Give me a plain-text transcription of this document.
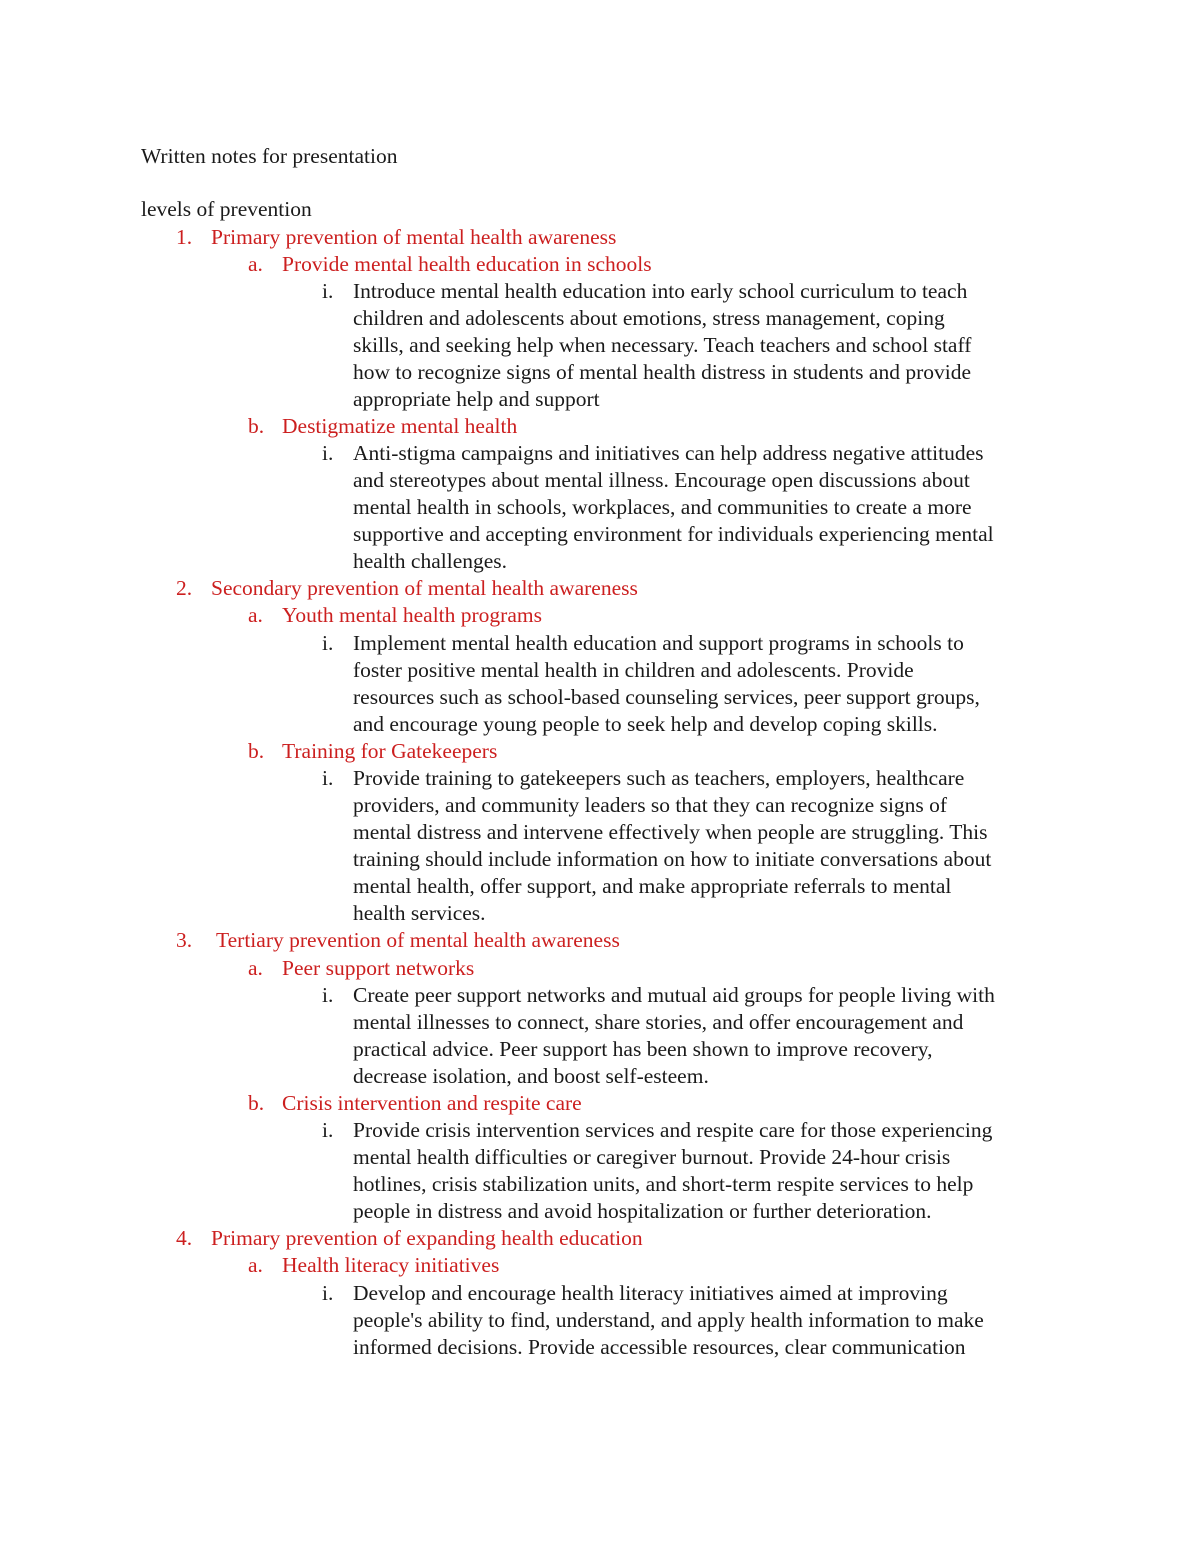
Written notes for presentation
levels of prevention
1. Primary prevention of mental health awareness
a. Provide mental health education in schools
i. Introduce mental health education into early school curriculum to teach
children and adolescents about emotions, stress management, coping
skills, and seeking help when necessary. Teach teachers and school staff
how to recognize signs of mental health distress in students and provide
appropriate help and support
b. Destigmatize mental health
i. Anti-stigma campaigns and initiatives can help address negative attitudes
and stereotypes about mental illness. Encourage open discussions about
mental health in schools, workplaces, and communities to create a more
supportive and accepting environment for individuals experiencing mental
health challenges.
2. Secondary prevention of mental health awareness
a. Youth mental health programs
i. Implement mental health education and support programs in schools to
foster positive mental health in children and adolescents. Provide
resources such as school-based counseling services, peer support groups,
and encourage young people to seek help and develop coping skills.
b. Training for Gatekeepers
i. Provide training to gatekeepers such as teachers, employers, healthcare
providers, and community leaders so that they can recognize signs of
mental distress and intervene effectively when people are struggling. This
training should include information on how to initiate conversations about
mental health, offer support, and make appropriate referrals to mental
health services.
3. Tertiary prevention of mental health awareness
a. Peer support networks
i. Create peer support networks and mutual aid groups for people living with
mental illnesses to connect, share stories, and offer encouragement and
practical advice. Peer support has been shown to improve recovery,
decrease isolation, and boost self-esteem.
b. Crisis intervention and respite care
i. Provide crisis intervention services and respite care for those experiencing
mental health difficulties or caregiver burnout. Provide 24-hour crisis
hotlines, crisis stabilization units, and short-term respite services to help
people in distress and avoid hospitalization or further deterioration.
4. Primary prevention of expanding health education
a. Health literacy initiatives
i. Develop and encourage health literacy initiatives aimed at improving
people's ability to find, understand, and apply health information to make
informed decisions. Provide accessible resources, clear communication
